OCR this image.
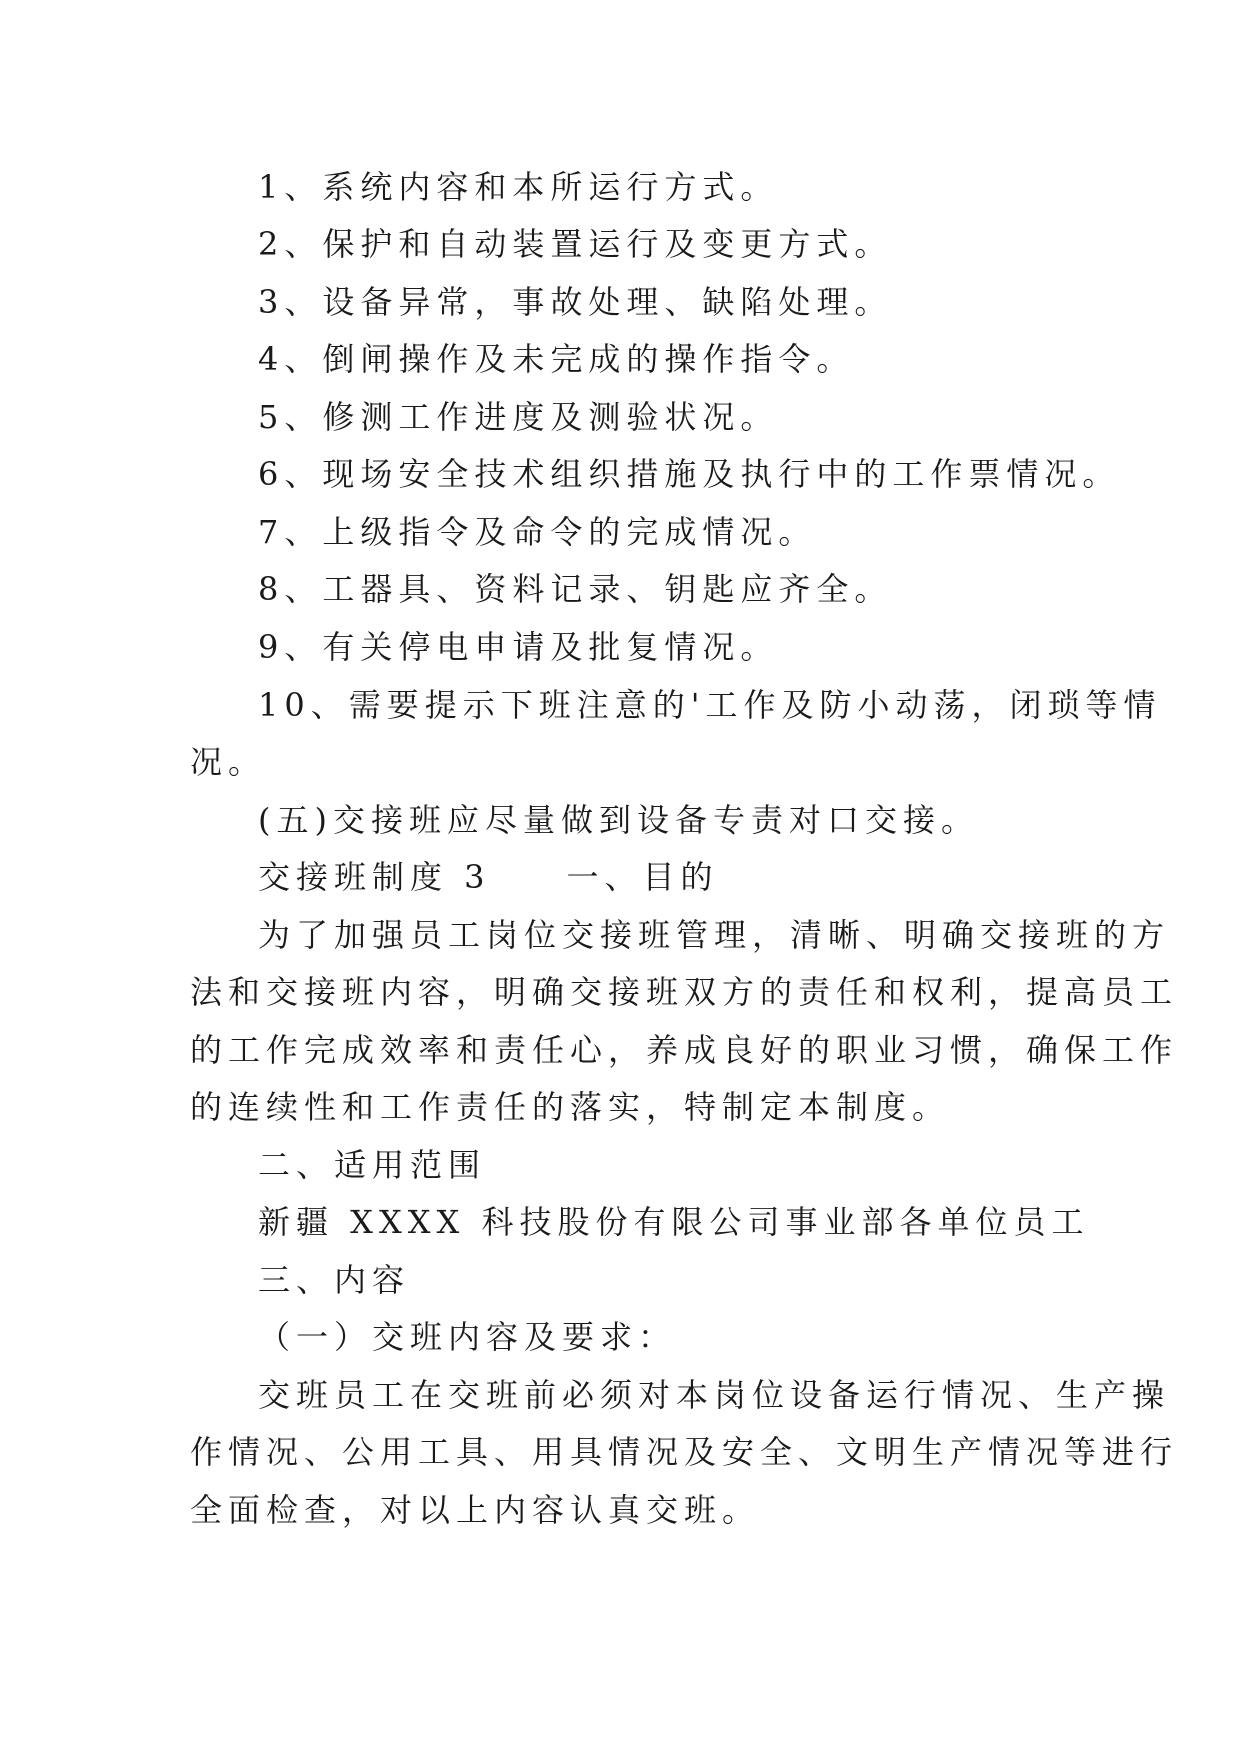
1、系统内容和本所运行方式。

2、保护和自动装置运行及变更方式。

3、设备异常，事故处理、缺陷处理。

4、倒闸操作及未完成的操作指令。

5、修测工作进度及测验状况。

6、现场安全技术组织措施及执行中的工作票情况。

7、上级指令及命令的完成情况。

8、工器具、资料记录、钥匙应齐全。

9、有关停电申请及批复情况。

10、需要提示下班注意的'工作及防小动荡，闭琐等情

况。

(五)交接班应尽量做到设备专责对口交接。

交接班制度 3　　一、目的

为了加强员工岗位交接班管理，清晰、明确交接班的方

法和交接班内容，明确交接班双方的责任和权利，提高员工

的工作完成效率和责任心，养成良好的职业习惯，确保工作

的连续性和工作责任的落实，特制定本制度。

二、适用范围

新疆 XXXX 科技股份有限公司事业部各单位员工

三、内容

（一）交班内容及要求：

交班员工在交班前必须对本岗位设备运行情况、生产操

作情况、公用工具、用具情况及安全、文明生产情况等进行

全面检查，对以上内容认真交班。
